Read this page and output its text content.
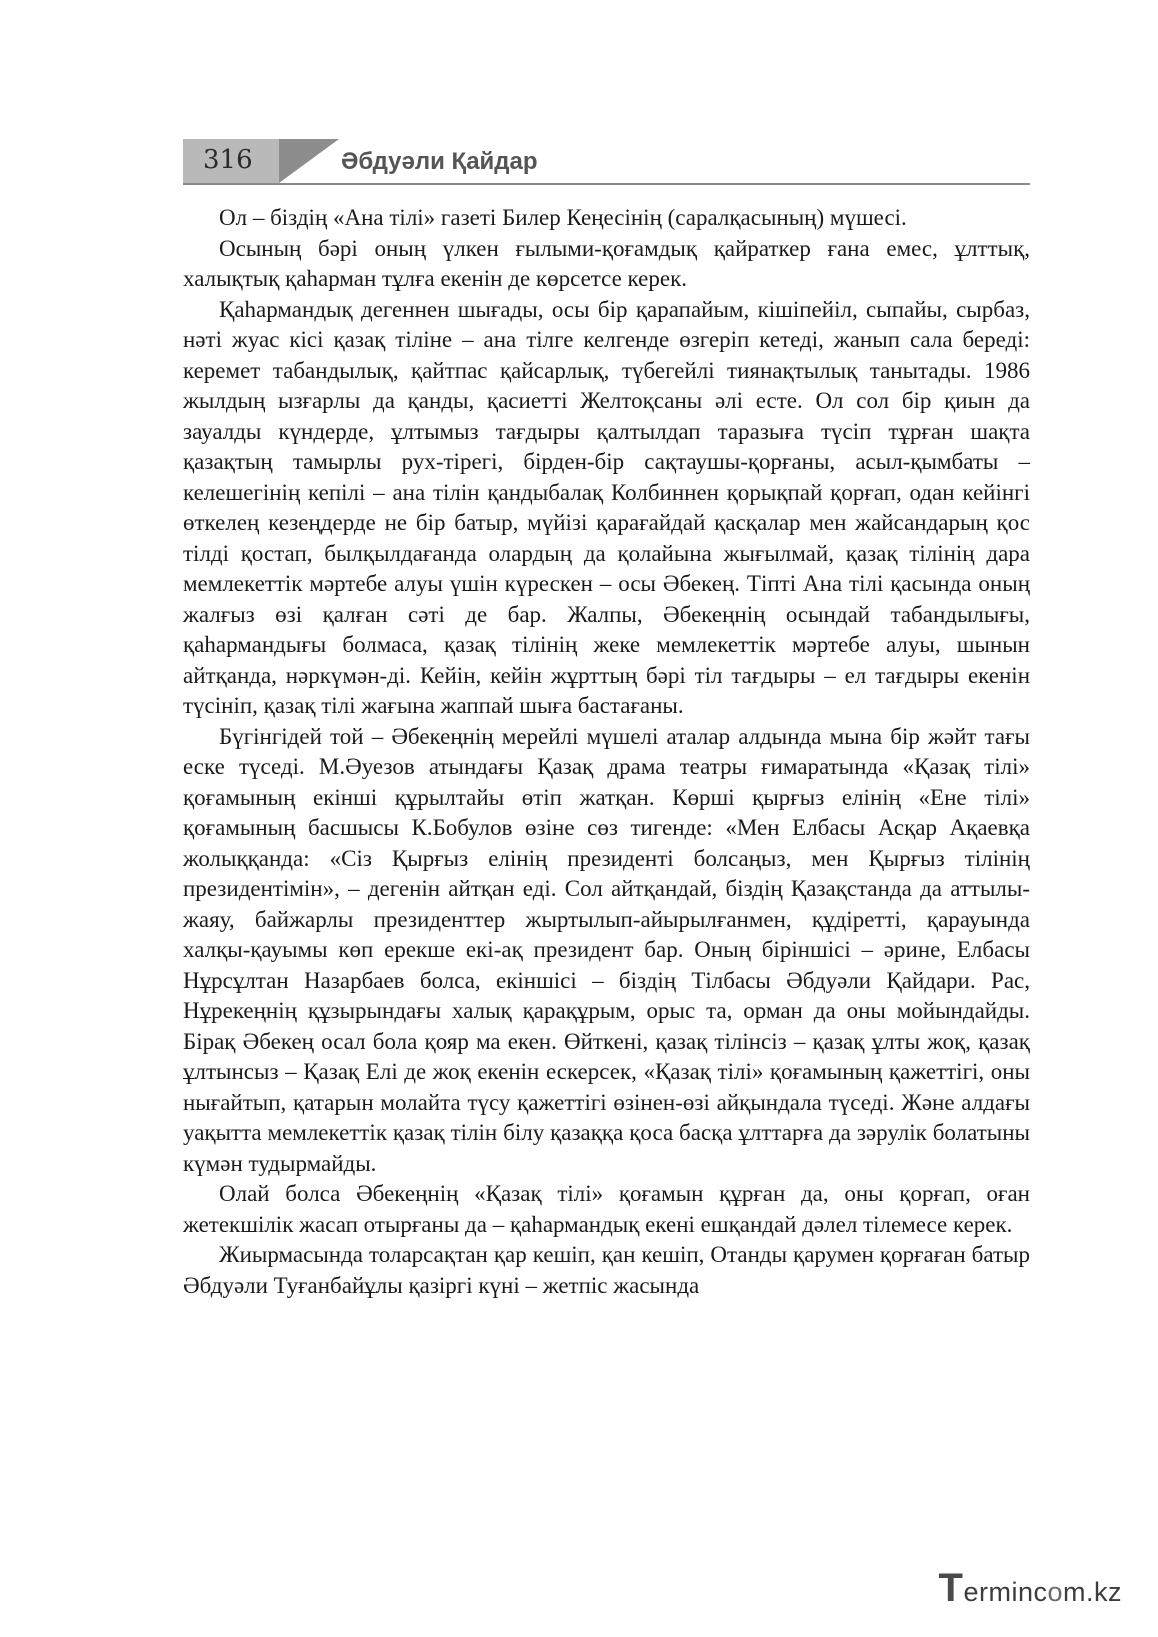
316	Әбдуәли Қайдар

Ол – біздің «Ана тілі» газеті Билер Кеңесінің (саралқасының) мүшесі.

Осының бәрі оның үлкен ғылыми-қоғамдық қайраткер ғана емес, ұлттық, халықтық қаһарман тұлға екенін де көрсетсе керек.

Қаһармандық дегеннен шығады, осы бір қарапайым, кішіпейіл, сыпайы, сырбаз, нәті жуас кісі қазақ тіліне – ана тілге келгенде өзгеріп кетеді, жанып сала береді: керемет табандылық, қайтпас қайсарлық, түбегейлі тиянақтылық танытады. 1986 жылдың ызғарлы да қанды, қасиетті Желтоқсаны әлі есте. Ол сол бір қиын да зауалды күндерде, ұлтымыз тағдыры қалтылдап таразыға түсіп тұрған шақта қазақтың тамырлы рух-тірегі, бірден-бір сақтаушы-қорғаны, асыл-қымбаты – келешегінің кепілі – ана тілін қандыбалақ Колбиннен қорықпай қорғап, одан кейінгі өткелең кезеңдерде не бір батыр, мүйізі қарағайдай қасқалар мен жайсандарың қос тілді қостап, былқылдағанда олардың да қолайына жығылмай, қазақ тілінің дара мемлекеттік мәртебе алуы үшін күрескен – осы Әбекең. Тіпті Ана тілі қасында оның жалғыз өзі қалған сәті де бар. Жалпы, Әбекеңнің осындай табандылығы, қаһармандығы болмаса, қазақ тілінің жеке мемлекеттік мәртебе алуы, шынын айтқанда, нәркүмән-ді. Кейін, кейін жұрттың бәрі тіл тағдыры – ел тағдыры екенін түсініп, қазақ тілі жағына жаппай шыға бастағаны.

Бүгінгідей той – Әбекеңнің мерейлі мүшелі аталар алдында мына бір жәйт тағы еске түседі. М.Әуезов атындағы Қазақ драма театры ғимаратында «Қазақ тілі» қоғамының екінші құрылтайы өтіп жатқан. Көрші қырғыз елінің «Ене тілі» қоғамының басшысы К.Бобулов өзіне сөз тигенде: «Мен Елбасы Асқар Ақаевқа жолыққанда: «Сіз Қырғыз елінің президенті болсаңыз, мен Қырғыз тілінің президентімін», – дегенін айтқан еді. Сол айтқандай, біздің Қазақстанда да аттылы-жаяу, байжарлы президенттер жыртылып-айырылғанмен, құдіретті, қарауында халқы-қауымы көп ерекше екі-ақ президент бар. Оның біріншісі – әрине, Елбасы Нұрсұлтан Назарбаев болса, екіншісі – біздің Тілбасы Әбдуәли Қайдари. Рас, Нұрекеңнің құзырындағы халық қарақұрым, орыс та, орман да оны мойындайды. Бірақ Әбекең осал бола қояр ма екен. Өйткені, қазақ тілінсіз – қазақ ұлты жоқ, қазақ ұлтынсыз – Қазақ Елі де жоқ екенін ескерсек, «Қазақ тілі» қоғамының қажеттігі, оны нығайтып, қатарын молайта түсу қажеттігі өзінен-өзі айқындала түседі. Және алдағы уақытта мемлекеттік қазақ тілін білу қазаққа қоса басқа ұлттарға да зәрулік болатыны күмән тудырмайды.

Олай болса Әбекеңнің «Қазақ тілі» қоғамын құрған да, оны қорғап, оған жетекшілік жасап отырғаны да – қаһармандық екені ешқандай дәлел тілемесе керек.

Жиырмасында толарсақтан қар кешіп, қан кешіп, Отанды қарумен қорғаған батыр Әбдуәли Туғанбайұлы қазіргі күні – жетпіс жасында

Termincom.kz
